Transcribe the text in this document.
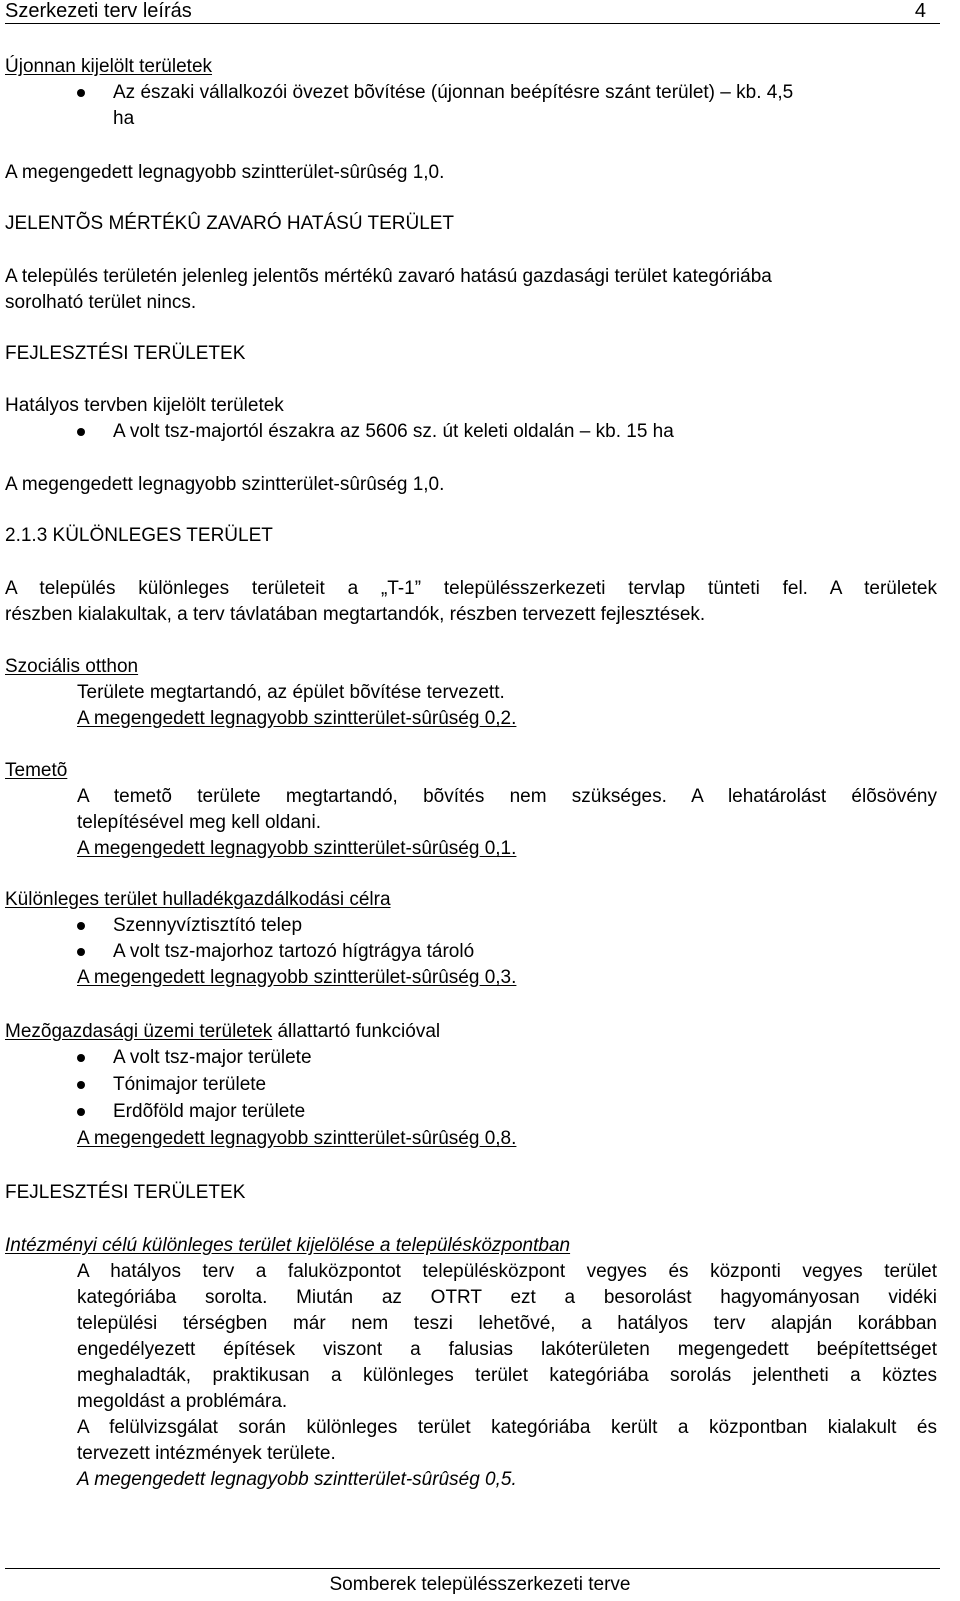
Szerkezeti terv leírás	4
Újonnan kijelölt területek
Az északi vállalkozói övezet bõvítése (újonnan beépítésre szánt terület) – kb. 4,5
ha
A megengedett legnagyobb szintterület-sûrûség 1,0.
JELENTÕS MÉRTÉKÛ ZAVARÓ HATÁSÚ TERÜLET
A település területén jelenleg jelentõs mértékû zavaró hatású gazdasági terület kategóriába
sorolható terület nincs.
FEJLESZTÉSI TERÜLETEK
Hatályos tervben kijelölt területek
A volt tsz-majortól északra az 5606 sz. út keleti oldalán – kb. 15 ha
A megengedett legnagyobb szintterület-sûrûség 1,0.
2.1.3 KÜLÖNLEGES TERÜLET
A település különleges területeit a „T-1” településszerkezeti tervlap tünteti fel. A területek
részben kialakultak, a terv távlatában megtartandók, részben tervezett fejlesztések.
Szociális otthon
Területe megtartandó, az épület bõvítése tervezett.
A megengedett legnagyobb szintterület-sûrûség 0,2.
Temetõ
A temetõ területe megtartandó, bõvítés nem szükséges. A lehatárolást élõsövény
telepítésével meg kell oldani.
A megengedett legnagyobb szintterület-sûrûség 0,1.
Különleges terület hulladékgazdálkodási célra
Szennyvíztisztító telep
A volt tsz-majorhoz tartozó hígtrágya tároló
A megengedett legnagyobb szintterület-sûrûség 0,3.
Mezõgazdasági üzemi területek állattartó funkcióval
A volt tsz-major területe
Tónimajor területe
Erdõföld major területe
A megengedett legnagyobb szintterület-sûrûség 0,8.
FEJLESZTÉSI TERÜLETEK
Intézményi célú különleges terület kijelölése a településközpontban
A hatályos terv a faluközpontot településközpont vegyes és központi vegyes terület
kategóriába sorolta. Miután az OTRT ezt a besorolást hagyományosan vidéki
települési térségben már nem teszi lehetõvé, a hatályos terv alapján korábban
engedélyezett építések viszont a falusias lakóterületen megengedett beépítettséget
meghaladták, praktikusan a különleges terület kategóriába sorolás jelentheti a köztes
megoldást a problémára.
A felülvizsgálat során különleges terület kategóriába került a központban kialakult és
tervezett intézmények területe.
A megengedett legnagyobb szintterület-sûrûség 0,5.
Somberek településszerkezeti terve
